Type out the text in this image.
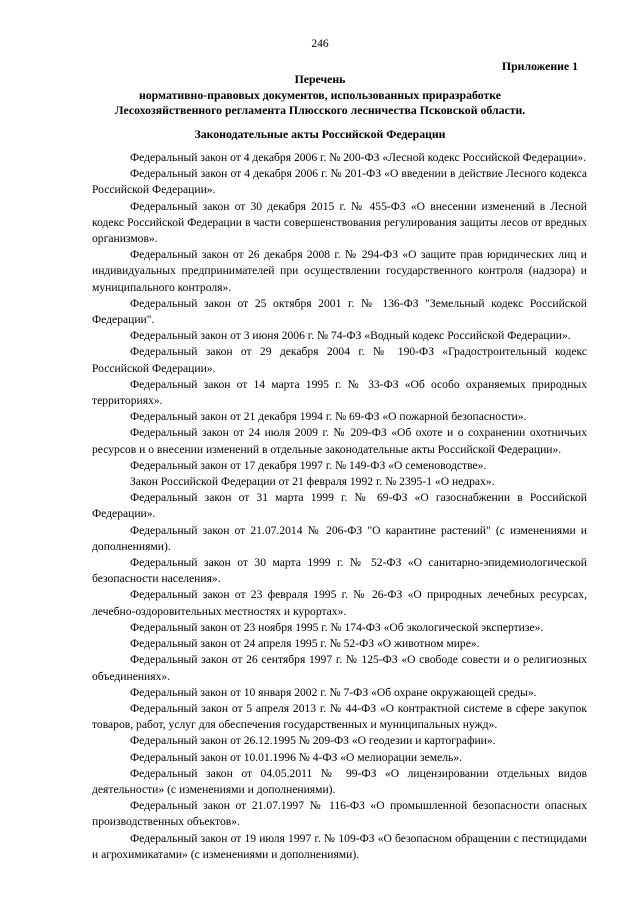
246
Приложение 1
Перечень
нормативно-правовых документов, использованных приразработке
Лесохозяйственного регламента Плюсского лесничества Псковской области.
Законодательные акты Российской Федерации

Федеральный закон от 4 декабря 2006 г. № 200-ФЗ «Лесной кодекс Российской Федерации».

Федеральный закон от 4 декабря 2006 г. № 201-ФЗ «О введении в действие Лесного кодекса Российской Федерации».

Федеральный закон от 30 декабря 2015 г. № 455-ФЗ «О внесении изменений в Лесной кодекс Российской Федерации в части совершенствования регулирования защиты лесов от вредных организмов».

Федеральный закон от 26 декабря 2008 г. № 294-ФЗ «О защите прав юридических лиц и индивидуальных предпринимателей при осуществлении государственного контроля (надзора) и муниципального контроля».

Федеральный закон от 25 октября 2001 г. № 136-ФЗ "Земельный кодекс Российской Федерации".

Федеральный закон от 3 июня 2006 г. № 74-ФЗ «Водный кодекс Российской Федерации».

Федеральный закон от 29 декабря 2004 г. № 190-ФЗ «Градостроительный кодекс Российской Федерации».

Федеральный закон от 14 марта 1995 г. № 33-ФЗ «Об особо охраняемых природных территориях».

Федеральный закон от 21 декабря 1994 г. № 69-ФЗ «О пожарной безопасности».

Федеральный закон от 24 июля 2009 г. № 209-ФЗ «Об охоте и о сохранении охотничьих ресурсов и о внесении изменений в отдельные законодательные акты Российской Федерации».

Федеральный закон от 17 декабря 1997 г. № 149-ФЗ «О семеноводстве».

Закон Российской Федерации от 21 февраля 1992 г. № 2395-1 «О недрах».

Федеральный закон от 31 марта 1999 г. № 69-ФЗ «О газоснабжении в Российской Федерации».

Федеральный закон от 21.07.2014 № 206-ФЗ "О карантине растений" (с изменениями и дополнениями).

Федеральный закон от 30 марта 1999 г. № 52-ФЗ «О санитарно-эпидемиологической безопасности населения».

Федеральный закон от 23 февраля 1995 г. № 26-ФЗ «О природных лечебных ресурсах, лечебно-оздоровительных местностях и курортах».

Федеральный закон от 23 ноября 1995 г. № 174-ФЗ «Об экологической экспертизе».

Федеральный закон от 24 апреля 1995 г. № 52-ФЗ «О животном мире».

Федеральный закон от 26 сентября 1997 г. № 125-ФЗ «О свободе совести и о религиозных объединениях».

Федеральный закон от 10 января 2002 г. № 7-ФЗ «Об охране окружающей среды».

Федеральный закон от 5 апреля 2013 г. № 44-ФЗ «О контрактной системе в сфере закупок товаров, работ, услуг для обеспечения государственных и муниципальных нужд».

Федеральный закон от 26.12.1995 № 209-ФЗ «О геодезии и картографии».

Федеральный закон от 10.01.1996 № 4-ФЗ «О мелиорации земель».

Федеральный закон от 04.05.2011 № 99-ФЗ «О лицензировании отдельных видов деятельности» (с изменениями и дополнениями).

Федеральный закон от 21.07.1997 № 116-ФЗ «О промышленной безопасности опасных производственных объектов».

Федеральный закон от 19 июля 1997 г. № 109-ФЗ «О безопасном обращении с пестицидами и агрохимикатами» (с изменениями и дополнениями).
